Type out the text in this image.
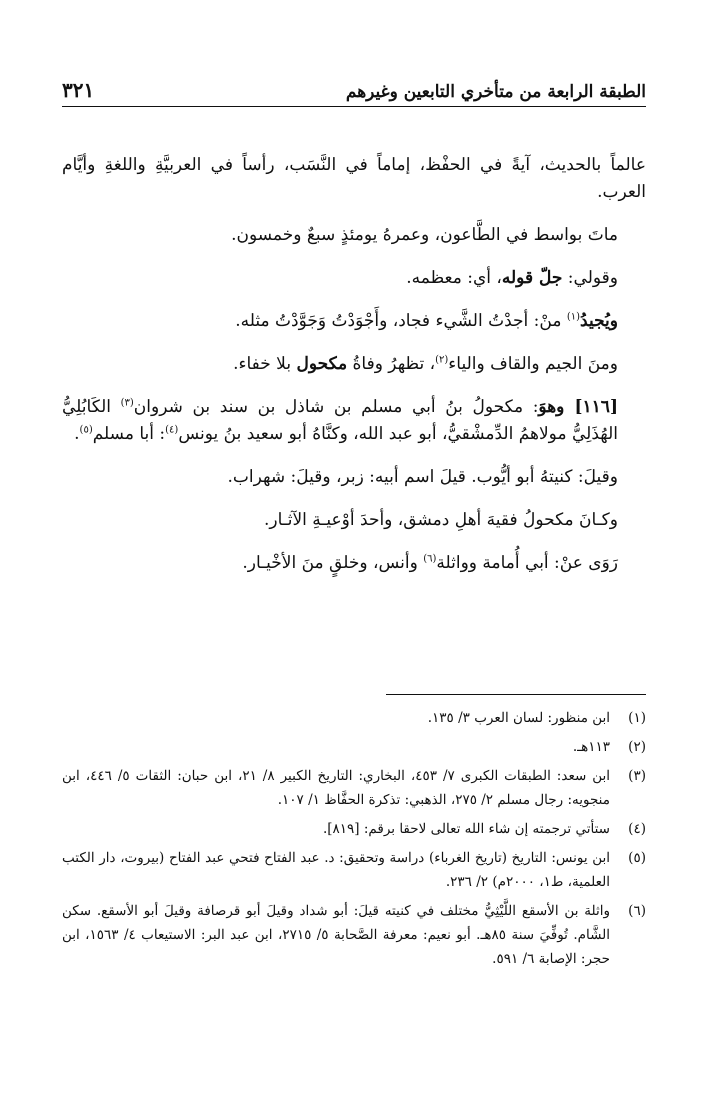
الطبقة الرابعة من متأخري التابعين وغيرهم
٣٢١

عالماً بالحديث، آيةً في الحفْظ، إماماً في النَّسَب، رأساً في العربيَّةِ واللغةِ وأيَّام العرب.

ماتَ بواسط في الطَّاعون، وعمرهُ يومئذٍ سبعٌ وخمسون.

وقولي: جلّ قوله، أي: معظمه.

ويُجيدُ$^{(١)}$ منْ: أجدْتُ الشَّيء فجاد، وأَجْوَدْتُ وَجَوَّدْتُ مثله.

ومنَ الجيم والقاف والياء$^{(٢)}$، تظهرُ وفاةُ مكحول بلا خفاء.

[١١٦] وهوَ: مكحولُ بنُ أبي مسلم بن شاذل بن سند بن شروان$^{(٣)}$ الكَابُلِيُّ الهُذَلِيُّ مولاهمُ الدِّمشْقيُّ، أبو عبد الله، وكنَّاهُ أبو سعيد بنُ يونس$^{(٤)}$: أبا مسلم$^{(٥)}$.

وقيلَ: كنيتهُ أبو أيُّوب. قيلَ اسم أبيه: زبر، وقيلَ: شهراب.

وكـانَ مكحولُ فقيهَ أهلِ دمشق، وأحدَ أوْعيـةِ الآثـار.

رَوَى عنْ: أبي أُمامة وواثلة$^{(٦)}$ وأنس، وخلقٍ منَ الأخْيـار.

(١)
ابن منظور: لسان العرب ٣/ ١٣٥.
(٢)
١١٣هـ.
(٣)
ابن سعد: الطبقات الكبرى ٧/ ٤٥٣، البخاري: التاريخ الكبير ٨/ ٢١، ابن حبان: الثقات ٥/ ٤٤٦، ابن منجويه: رجال مسلم ٢/ ٢٧٥، الذهبي: تذكرة الحفَّاظ ١/ ١٠٧.
(٤)
ستأتي ترجمته إن شاء الله تعالى لاحقا برقم: [٨١٩].
(٥)
ابن يونس: التاريخ (تاريخ الغرباء) دراسة وتحقيق: د. عبد الفتاح فتحي عبد الفتاح (بيروت، دار الكتب العلمية، ط١، ٢٠٠٠م) ٢/ ٢٣٦.
(٦)
واثلة بن الأسقع اللَّيْثِيُّ مختلف في كنيته قيلَ: أبو شداد وقيلَ أبو قرصافة وقيلَ أبو الأسقع. سكن الشَّام. تُوفِّيَ سنة ٨٥هـ. أبو نعيم: معرفة الصَّحابة ٥/ ٢٧١٥، ابن عبد البر: الاستيعاب ٤/ ١٥٦٣، ابن حجر: الإصابة ٦/ ٥٩١.
